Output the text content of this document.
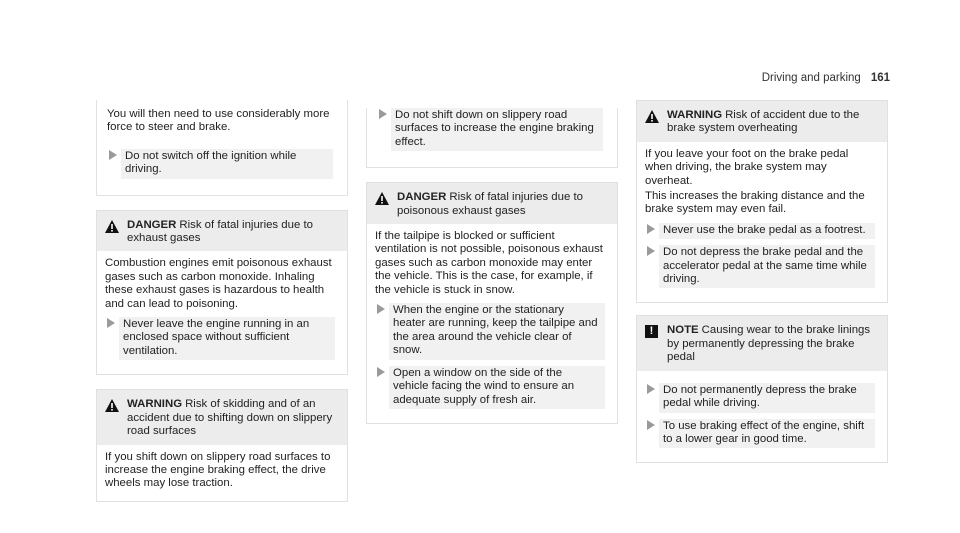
Driving and parking 161

You will then need to use considerably more force to steer and brake.

Do not switch off the ignition while driving.
DANGER Risk of fatal injuries due to exhaust gases

Combustion engines emit poisonous exhaust gases such as carbon monoxide. Inhaling these exhaust gases is hazardous to health and can lead to poisoning.

Never leave the engine running in an enclosed space without sufficient ventilation.
WARNING Risk of skidding and of an accident due to shifting down on slippery road surfaces

If you shift down on slippery road surfaces to increase the engine braking effect, the drive wheels may lose traction.

Do not shift down on slippery road surfaces to increase the engine braking effect.
DANGER Risk of fatal injuries due to poisonous exhaust gases

If the tailpipe is blocked or sufficient ventilation is not possible, poisonous exhaust gases such as carbon monoxide may enter the vehicle. This is the case, for example, if the vehicle is stuck in snow.

When the engine or the stationary heater are running, keep the tailpipe and the area around the vehicle clear of snow.
Open a window on the side of the vehicle facing the wind to ensure an adequate supply of fresh air.
WARNING Risk of accident due to the brake system overheating

If you leave your foot on the brake pedal when driving, the brake system may overheat.

This increases the braking distance and the brake system may even fail.

Never use the brake pedal as a footrest.
Do not depress the brake pedal and the accelerator pedal at the same time while driving.
!	NOTE Causing wear to the brake linings by permanently depressing the brake pedal
Do not permanently depress the brake pedal while driving.
To use braking effect of the engine, shift to a lower gear in good time.
